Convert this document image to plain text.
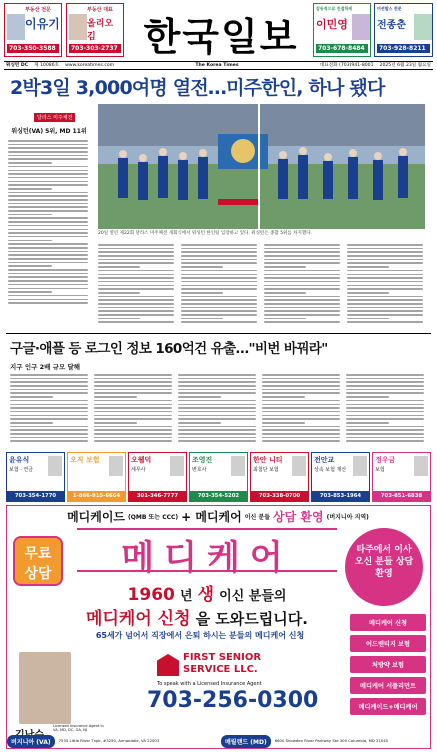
부동산 전문
이유기
703-350-3588
부동산 대표
올리오 김
703-303-2737 한국일보
감동적으로 친절하게
이민영
703-678-8484
미션발스 전문
전종춘
703-928-8211
워싱턴 DC 제 10086호 www.koreatimes.com	The Korea Times	대표전화 (703)941-8001 2025년 6월 23일 월요일
2박3일 3,000여명 열전…미주한인, 하나 됐다
달라스 미주체전
워싱턴(VA) 5위, MD 11위
20일 열린 제22회 달라스 미주체전 개회식에서 워싱턴 한인팀 입장하고 있다. 워싱턴은 종합 5위를 차지했다.
구글·애플 등 로그인 정보 160억건 유출…"비번 바꿔라"
지구 인구 2배 규모 달해
윤유식
보험 · 연금
703-354-1770
오직 보험
1-866-915-6664
오웰덕
세무사
301-346-7777
조영진
변호사
703-354-5202
한안 니티
최첨단 보험
703-338-0700
전안교
상속 보험 재산
703-853-1964
정우금
보험
703-851-6838
메디케이드 (QMB 또는 CCC) + 메디케어 이신 분들 상담 환영 (버지니아 지역)
무료
상담	메디케어	타주에서 이사 오신 분들 상담 환영
1960 년 생 이신 분들의
메디케어 신청 을 도와드립니다.
65세가 넘어서 직장에서 은퇴 하시는 분들의 메디케어 신청
Licensed Insurance Agent in VA, MD, DC, GA, NJ
FIRST SENIOR
SERVICE LLC.
To speak with a Licensed Insurance Agent
703-256-0300
메디케어 신청
어드밴티지 보험
처방약 보험
메디케어 서플리먼트
메디케이드+메디케어
버지니아 (VA)	7535 Little River Tnpk, #3250, Annandale, VA 22003	메릴랜드 (MD)	6600 Snowden River Parkway Ste 300 Columbia, MD 21045
